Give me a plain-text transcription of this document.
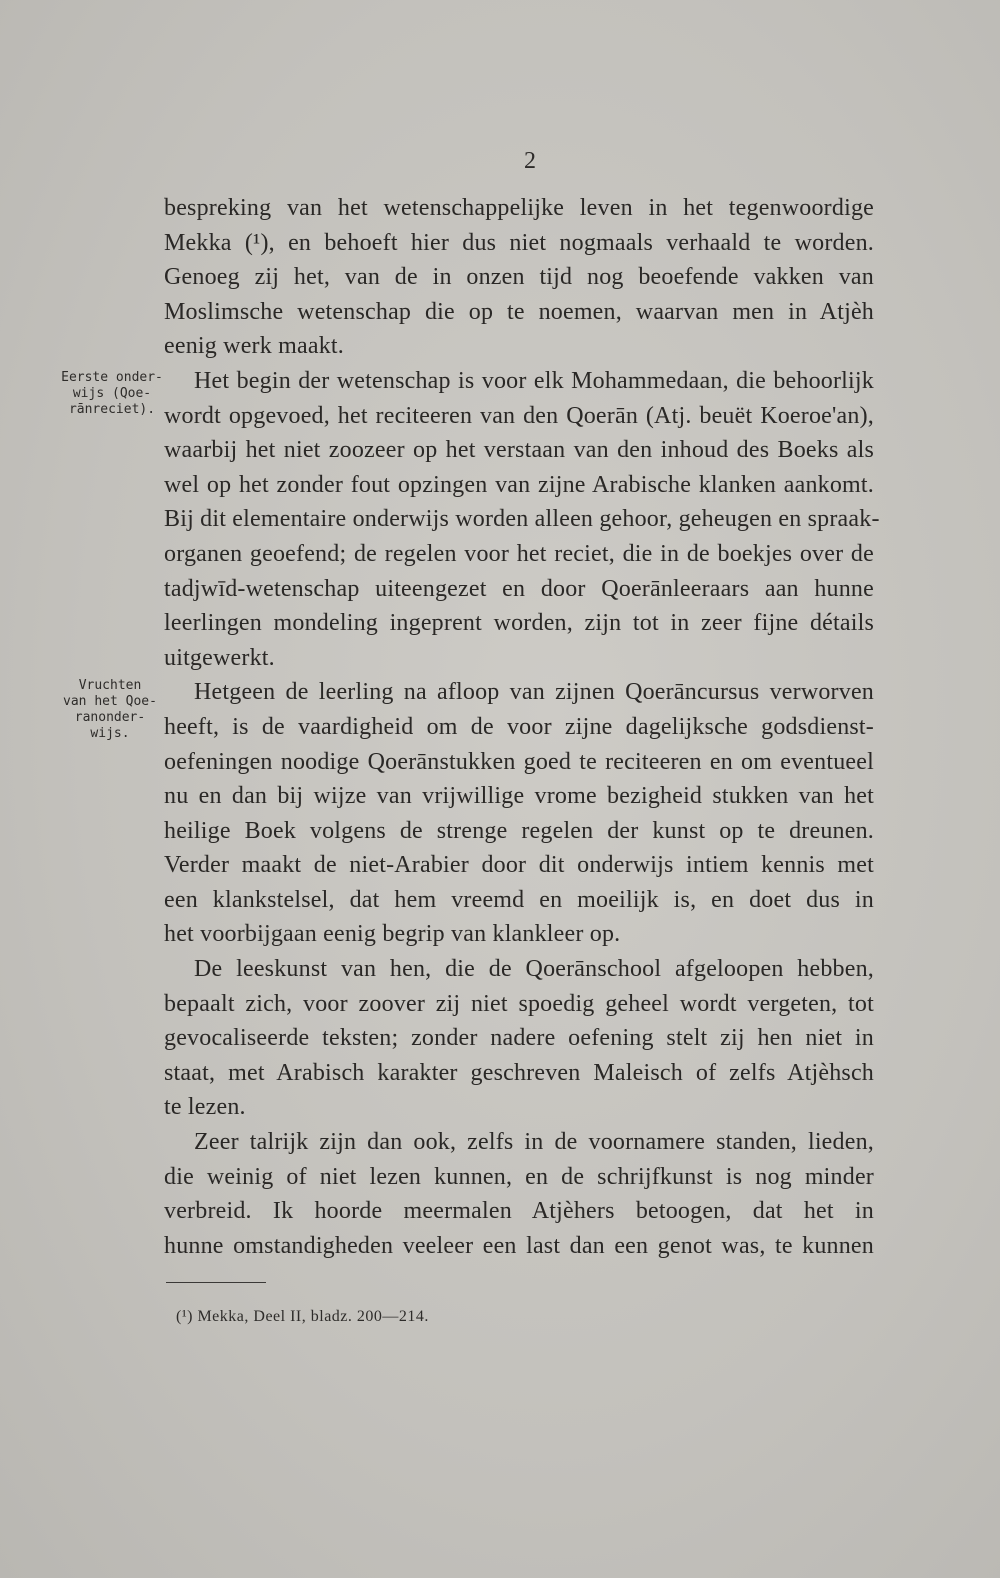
2
Eerste onder-
wijs (Qoe-
rānreciet).
Vruchten
van het Qoe-
ranonder-
wijs.
bespreking van het wetenschappelijke leven in het tegenwoordige
Mekka (¹), en behoeft hier dus niet nogmaals verhaald te worden.
Genoeg zij het, van de in onzen tijd nog beoefende vakken van
Moslimsche wetenschap die op te noemen, waarvan men in Atjèh
eenig werk maakt.
Het begin der wetenschap is voor elk Mohammedaan, die behoorlijk
wordt opgevoed, het reciteeren van den Qoerān (Atj. beuët Koeroe'an),
waarbij het niet zoozeer op het verstaan van den inhoud des Boeks als
wel op het zonder fout opzingen van zijne Arabische klanken aankomt.
Bij dit elementaire onderwijs worden alleen gehoor, geheugen en spraak-
organen geoefend; de regelen voor het reciet, die in de boekjes over de
tadjwīd-wetenschap uiteengezet en door Qoerānleeraars aan hunne
leerlingen mondeling ingeprent worden, zijn tot in zeer fijne détails
uitgewerkt.
Hetgeen de leerling na afloop van zijnen Qoerāncursus verworven
heeft, is de vaardigheid om de voor zijne dagelijksche godsdienst-
oefeningen noodige Qoerānstukken goed te reciteeren en om eventueel
nu en dan bij wijze van vrijwillige vrome bezigheid stukken van het
heilige Boek volgens de strenge regelen der kunst op te dreunen.
Verder maakt de niet-Arabier door dit onderwijs intiem kennis met
een klankstelsel, dat hem vreemd en moeilijk is, en doet dus in
het voorbijgaan eenig begrip van klankleer op.
De leeskunst van hen, die de Qoerānschool afgeloopen hebben,
bepaalt zich, voor zoover zij niet spoedig geheel wordt vergeten, tot
gevocaliseerde teksten; zonder nadere oefening stelt zij hen niet in
staat, met Arabisch karakter geschreven Maleisch of zelfs Atjèhsch
te lezen.
Zeer talrijk zijn dan ook, zelfs in de voornamere standen, lieden,
die weinig of niet lezen kunnen, en de schrijfkunst is nog minder
verbreid. Ik hoorde meermalen Atjèhers betoogen, dat het in
hunne omstandigheden veeleer een last dan een genot was, te kunnen
(¹) Mekka, Deel II, bladz. 200—214.
